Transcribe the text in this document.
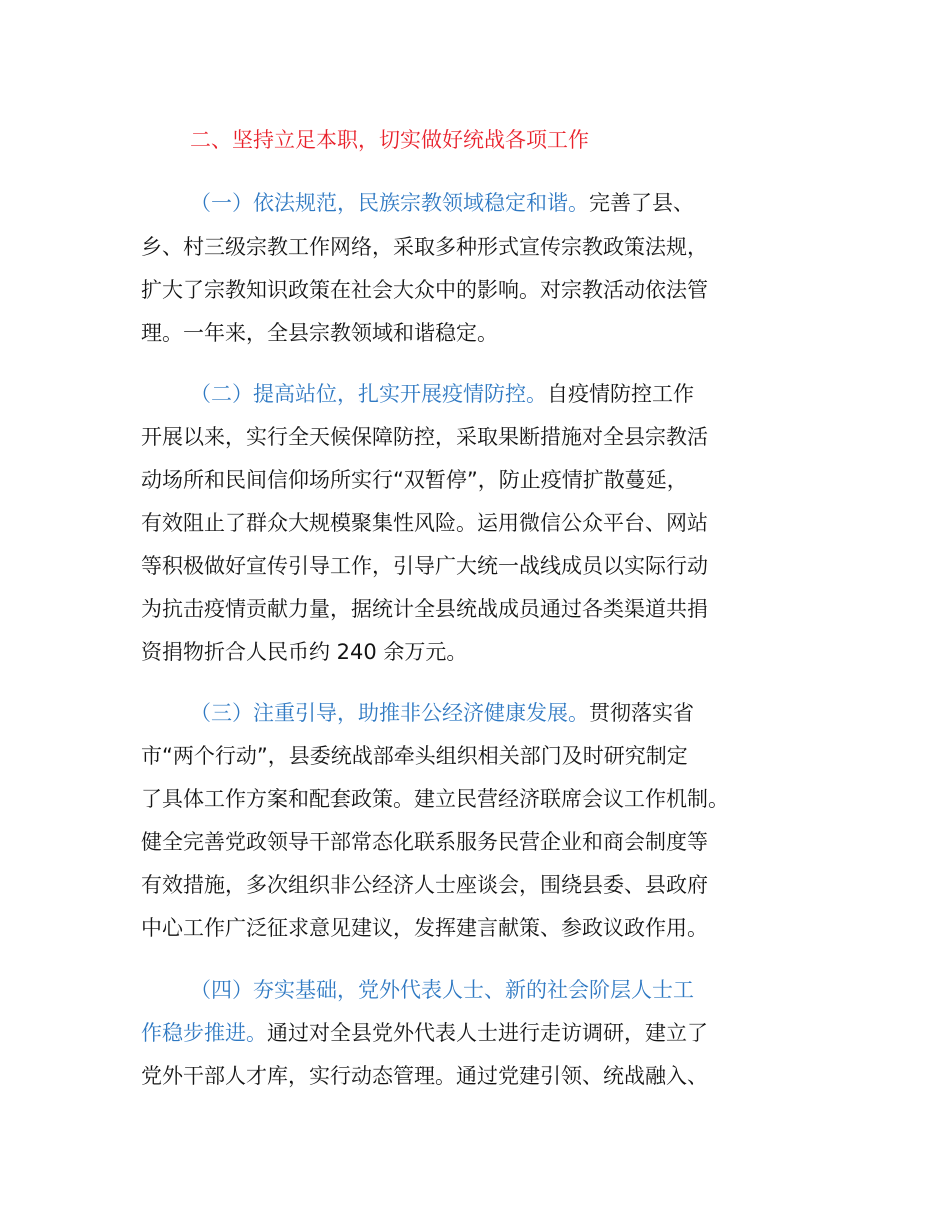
二、坚持立足本职，切实做好统战各项工作
（一）依法规范，民族宗教领域稳定和谐。完善了县、
乡、村三级宗教工作网络，采取多种形式宣传宗教政策法规，
扩大了宗教知识政策在社会大众中的影响。对宗教活动依法管
理。一年来，全县宗教领域和谐稳定。
（二）提高站位，扎实开展疫情防控。自疫情防控工作
开展以来，实行全天候保障防控，采取果断措施对全县宗教活
动场所和民间信仰场所实行“双暂停”，防止疫情扩散蔓延，
有效阻止了群众大规模聚集性风险。运用微信公众平台、网站
等积极做好宣传引导工作，引导广大统一战线成员以实际行动
为抗击疫情贡献力量，据统计全县统战成员通过各类渠道共捐
资捐物折合人民币约 240 余万元。
（三）注重引导，助推非公经济健康发展。贯彻落实省
市“两个行动”，县委统战部牵头组织相关部门及时研究制定
了具体工作方案和配套政策。建立民营经济联席会议工作机制。
健全完善党政领导干部常态化联系服务民营企业和商会制度等
有效措施，多次组织非公经济人士座谈会，围绕县委、县政府
中心工作广泛征求意见建议，发挥建言献策、参政议政作用。
（四）夯实基础，党外代表人士、新的社会阶层人士工
作稳步推进。通过对全县党外代表人士进行走访调研，建立了
党外干部人才库，实行动态管理。通过党建引领、统战融入、
